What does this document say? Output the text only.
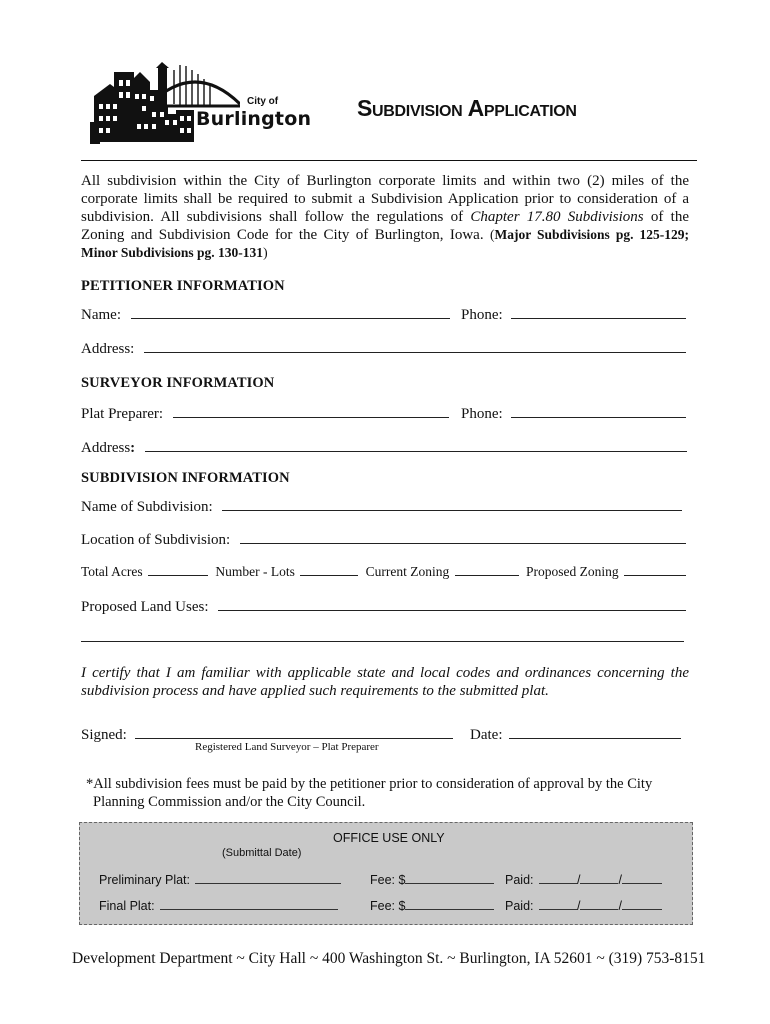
City of
Burlington Subdivision Application
All subdivision within the City of Burlington corporate limits and within two (2) miles of the corporate limits shall be required to submit a Subdivision Application prior to consideration of a subdivision. All subdivisions shall follow the regulations of Chapter 17.80 Subdivisions of the Zoning and Subdivision Code for the City of Burlington, Iowa. (Major Subdivisions pg. 125-129; Minor Subdivisions pg. 130-131)
PETITIONER INFORMATION
Name:	Phone:
Address:
SURVEYOR INFORMATION
Plat Preparer:	Phone:
Address:
SUBDIVISION INFORMATION
Name of Subdivision:
Location of Subdivision:
Total Acres	Number - Lots	Current Zoning	Proposed Zoning
Proposed Land Uses:
I certify that I am familiar with applicable state and local codes and ordinances concerning the subdivision process and have applied such requirements to the submitted plat.
Signed:	Date:
Registered Land Surveyor – Plat Preparer
*All subdivision fees must be paid by the petitioner prior to consideration of approval by the City
Planning Commission and/or the City Council.
OFFICE USE ONLY
(Submittal Date)
Preliminary Plat:	Fee: $	Paid:	/	/
Final Plat:	Fee: $	Paid:	/	/
Development Department ~ City Hall ~ 400 Washington St. ~ Burlington, IA 52601 ~ (319) 753-8151
